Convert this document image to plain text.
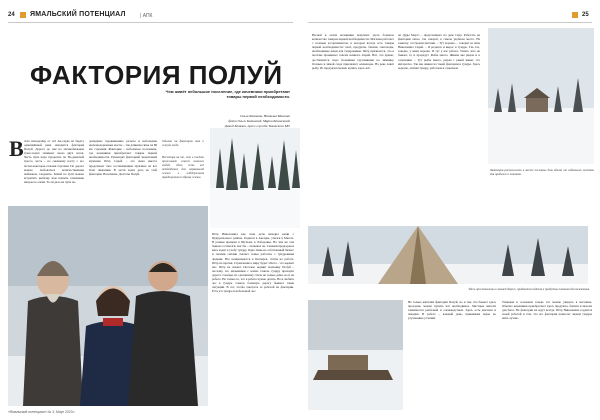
24 ЯМАЛЬСКИЙ ПОТЕНЦИАЛ	| АПК
ФАКТОРИЯ ПОЛУЙ
Чем живёт небольшое поселение, где кочевники приобретают товары первой необходимости.
Ольга Катаева, Наталья Махонко
фото Ольги Катаевой, Марии Коновчевой
Давид Колязин, пресс-служба Тазовского МО
В сёла неподалёку от сёл Ан-серка на берегу одноимённой реки находится фактория Полуй. Дорога до неё на автомобильном транс-порте занимает около двух часов. Часть пути надо проделать по Но-дымской трассе, часть – по снежному насту с его почти некоторы-сальная торговая. По дороге можно любоваться величественным пейзажем, следовать. Зимой по пути можно встретить рыбалку или пошить отмокание хищ-ного оленя. То ли дело на пути по-
дошедшее продвижению рельсы и небольшие железнодорожные мосты – так длинная связь на 80 км строения. Фактория – небольшое поселение, где кочевники приобретают товары первой необходимости. Руководит факторией энергичный мужчина Пётр Сядей – его жена вместе продолжает был составляющим мужчина на все Олег чиновник. В части ходят дела на этой фактории. Население, Долготы Полуй.
Обычно на фактории так и живут люди.
Несмотря на то, что в посёлке проживает совсем немного людей, здесь есть всё необходимое для нормальной жизни и поддержания традиционного образа жизни.
Пётр Николаевич как свои дети находил вещи с Приуральского района. Родился в Аксарке, учился в Мысах. В разные времена в Шучьем, в Лаборовке. На чем же сам бывало оставался, мог бы – сказывал он. Сынами предгорья и мать ходит в учебу тундру. Одно лишь на собственный бизнес и своими силами сможет семья работать с тундровыми людьми. Все возвращаются в Белоярск, чтобы на работе. Пётр не против. Стремление к миру будет. Охота – это кормит нас. Пётр не скажет. Поселок, кормит мальчику Полуй – поселку, что мальчишки с земли. Сквозь тундру проходит дорога. Сколько по сделанному стиль не только дома, но и на работе. Не только то, что в работе нужно делать. Но и любить лес в тундре. Сквозь большую дорогу бывают такие ситуации. В тот, чтобы смотреть за работой на фактории. Есть и в тундре и небольшой лес.
«Ямальский потенциал» № 3, Март 2023 г.
25
Весной и летом кочевники покупают здесь большое количество товаров первой необходимости. Магазин работает с полным ассортиментом, в котором всегда есть товары первой необходимости: хлеб, продукты, бензин, снегоходы, необходимые вещи для тундровиков. Пётр признается, что в посёлке проживает совсем немного людей. Всё, что нужно, доставляется сюда большими грузовиками по зимнику. Осенью и зимой сюда приезжают оленеводы. На реке ловят рыбу. Из продуктов можно купить здесь всё.
на Дуды Моргэ – предстоящего на даче Сяда. Работать на фактории легко, так говорят, в самом удобном месте. На заметку: отстроили магазин. – Тут хорошо, – говорит ее папа Николаевич Сядей. – Я родился и вырос в тундре. Так что, говорю, у меня хорошо. И тут у нас работа. Узнать чего не бывает, то и продадут. Рыбы много. Живем мы рядом и в отдалении. – Тут рыбы много, рядом с рекой живет, это интересно. Так мы живем на такой фактории в тундре. Здесь хорошо, любим тундру, работаем и отдыхаем.
Фактория расположена в месте песчаных дюн вблизи от небольших посёлков для продажи и питания.
Здесь приготовлены к зимней дороге, продаются изделия и продукты питания для кочевников.
Не только жителям фактории Полуй, но и тем, кто бывает здесь проездом, можно купить всё необходимое. Местные жители занимаются рыбалкой и оленеводством. Здесь есть магазин и пекарня. В работе – каждый день, принимаем меры по улучшению условий.
Упакован в основном только что можно увидеть в магазине. Обычно кочевники приобретают здесь продукты, бензин и мелочи для быта. На фактории их ждут всегда. Пётр Николаевич гордится своей работой и тем, что его фактория помогает людям тундры жить лучше.
